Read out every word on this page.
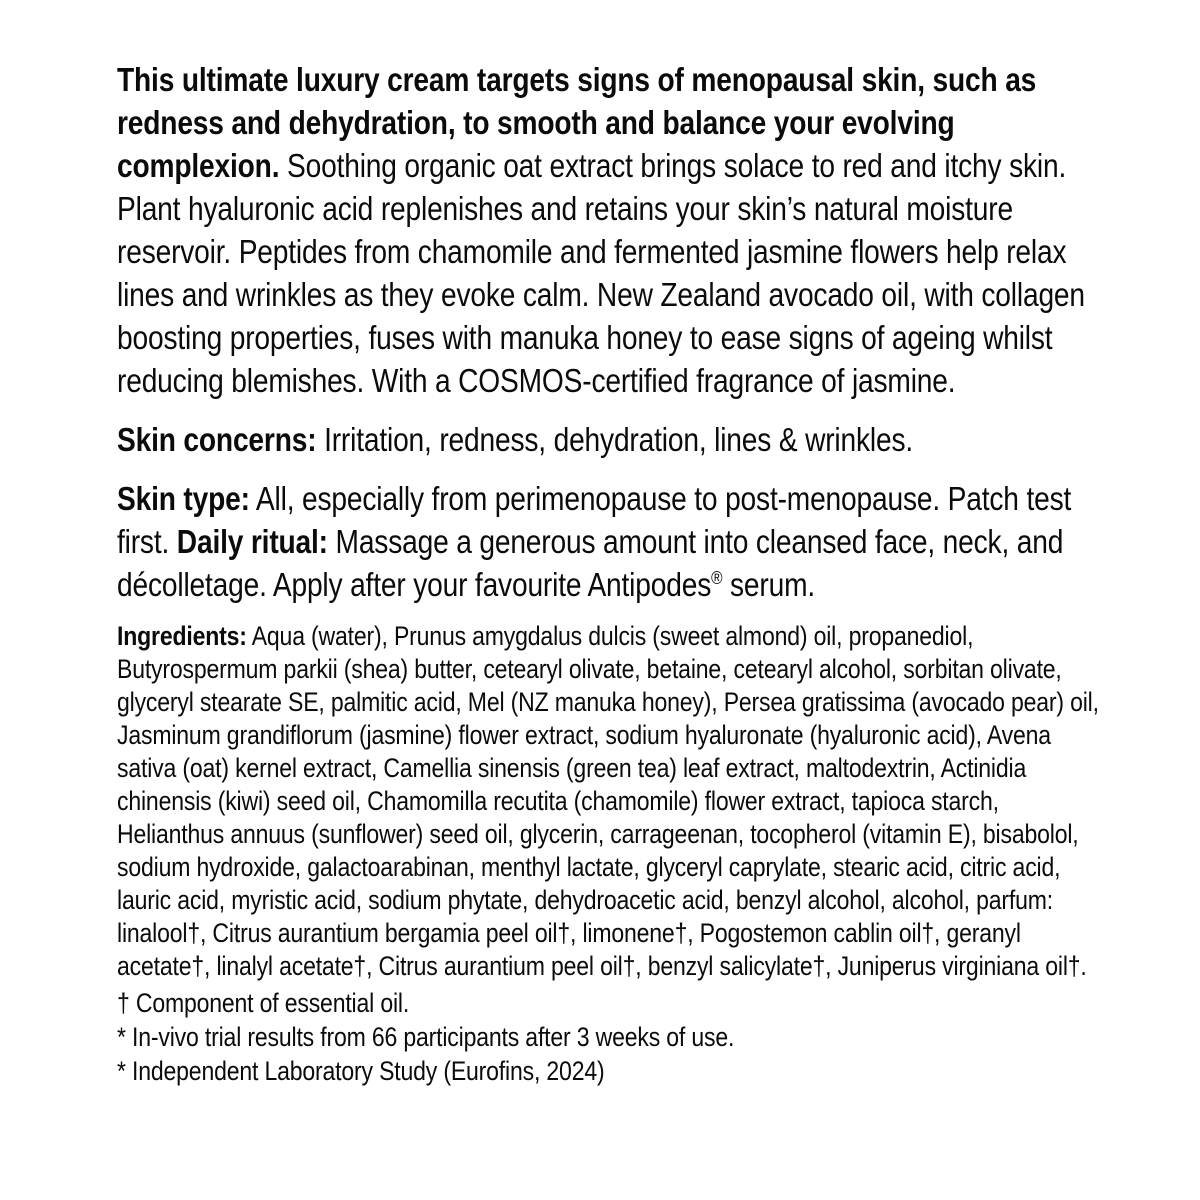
This ultimate luxury cream targets signs of menopausal skin, such as redness and dehydration, to smooth and balance your evolving complexion. Soothing organic oat extract brings solace to red and itchy skin. Plant hyaluronic acid replenishes and retains your skin’s natural moisture reservoir. Peptides from chamomile and fermented jasmine flowers help relax lines and wrinkles as they evoke calm. New Zealand avocado oil, with collagen boosting properties, fuses with manuka honey to ease signs of ageing whilst reducing blemishes. With a COSMOS-certified fragrance of jasmine.

Skin concerns: Irritation, redness, dehydration, lines & wrinkles.

Skin type: All, especially from perimenopause to post-menopause. Patch test first. Daily ritual: Massage a generous amount into cleansed face, neck, and décolletage. Apply after your favourite Antipodes® serum.

Ingredients: Aqua (water), Prunus amygdalus dulcis (sweet almond) oil, propanediol, Butyrospermum parkii (shea) butter, cetearyl olivate, betaine, cetearyl alcohol, sorbitan olivate, glyceryl stearate SE, palmitic acid, Mel (NZ manuka honey), Persea gratissima (avocado pear) oil, Jasminum grandiflorum (jasmine) flower extract, sodium hyaluronate (hyaluronic acid), Avena sativa (oat) kernel extract, Camellia sinensis (green tea) leaf extract, maltodextrin, Actinidia chinensis (kiwi) seed oil, Chamomilla recutita (chamomile) flower extract, tapioca starch, Helianthus annuus (sunflower) seed oil, glycerin, carrageenan, tocopherol (vitamin E), bisabolol, sodium hydroxide, galactoarabinan, menthyl lactate, glyceryl caprylate, stearic acid, citric acid, lauric acid, myristic acid, sodium phytate, dehydroacetic acid, benzyl alcohol, alcohol, parfum: linalool†, Citrus aurantium bergamia peel oil†, limonene†, Pogostemon cablin oil†, geranyl acetate†, linalyl acetate†, Citrus aurantium peel oil†, benzyl salicylate†, Juniperus virginiana oil†.

† Component of essential oil.

* In-vivo trial results from 66 participants after 3 weeks of use.

* Independent Laboratory Study (Eurofins, 2024)
